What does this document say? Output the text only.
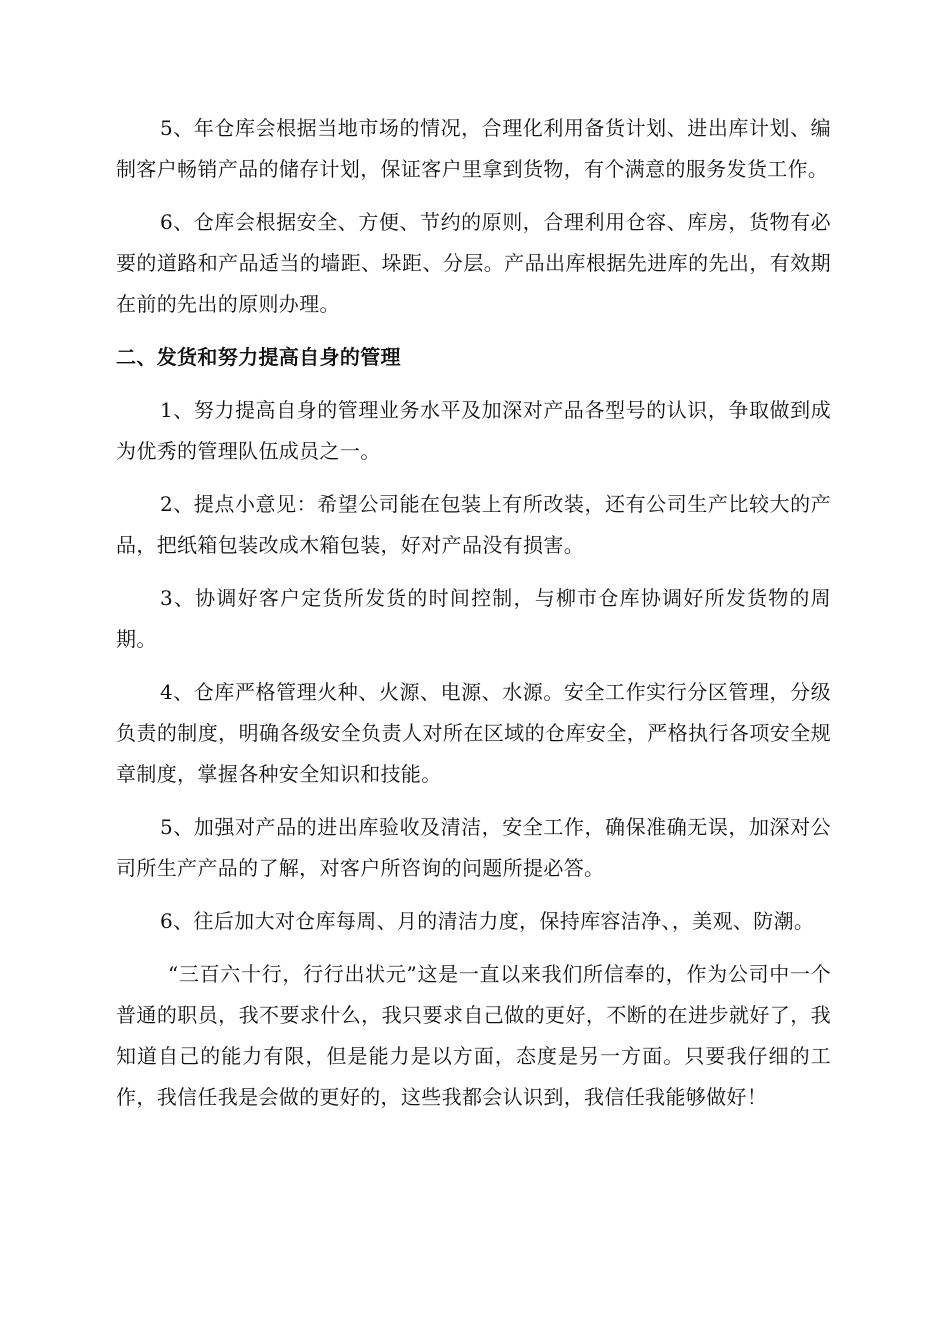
5、年仓库会根据当地市场的情况，合理化利用备货计划、进出库计划、编制客户畅销产品的储存计划，保证客户里拿到货物，有个满意的服务发货工作。

6、仓库会根据安全、方便、节约的原则，合理利用仓容、库房，货物有必要的道路和产品适当的墙距、垛距、分层。产品出库根据先进库的先出，有效期在前的先出的原则办理。

二、发货和努力提高自身的管理

1、努力提高自身的管理业务水平及加深对产品各型号的认识，争取做到成为优秀的管理队伍成员之一。

2、提点小意见：希望公司能在包装上有所改装，还有公司生产比较大的产品，把纸箱包装改成木箱包装，好对产品没有损害。

3、协调好客户定货所发货的时间控制，与柳市仓库协调好所发货物的周期。

4、仓库严格管理火种、火源、电源、水源。安全工作实行分区管理，分级负责的制度，明确各级安全负责人对所在区域的仓库安全，严格执行各项安全规章制度，掌握各种安全知识和技能。

5、加强对产品的进出库验收及清洁，安全工作，确保准确无误，加深对公司所生产产品的了解，对客户所咨询的问题所提必答。

6、往后加大对仓库每周、月的清洁力度，保持库容洁净、，美观、防潮。

“三百六十行，行行出状元”这是一直以来我们所信奉的，作为公司中一个普通的职员，我不要求什么，我只要求自己做的更好，不断的在进步就好了，我知道自己的能力有限，但是能力是以方面，态度是另一方面。只要我仔细的工作，我信任我是会做的更好的，这些我都会认识到，我信任我能够做好！
